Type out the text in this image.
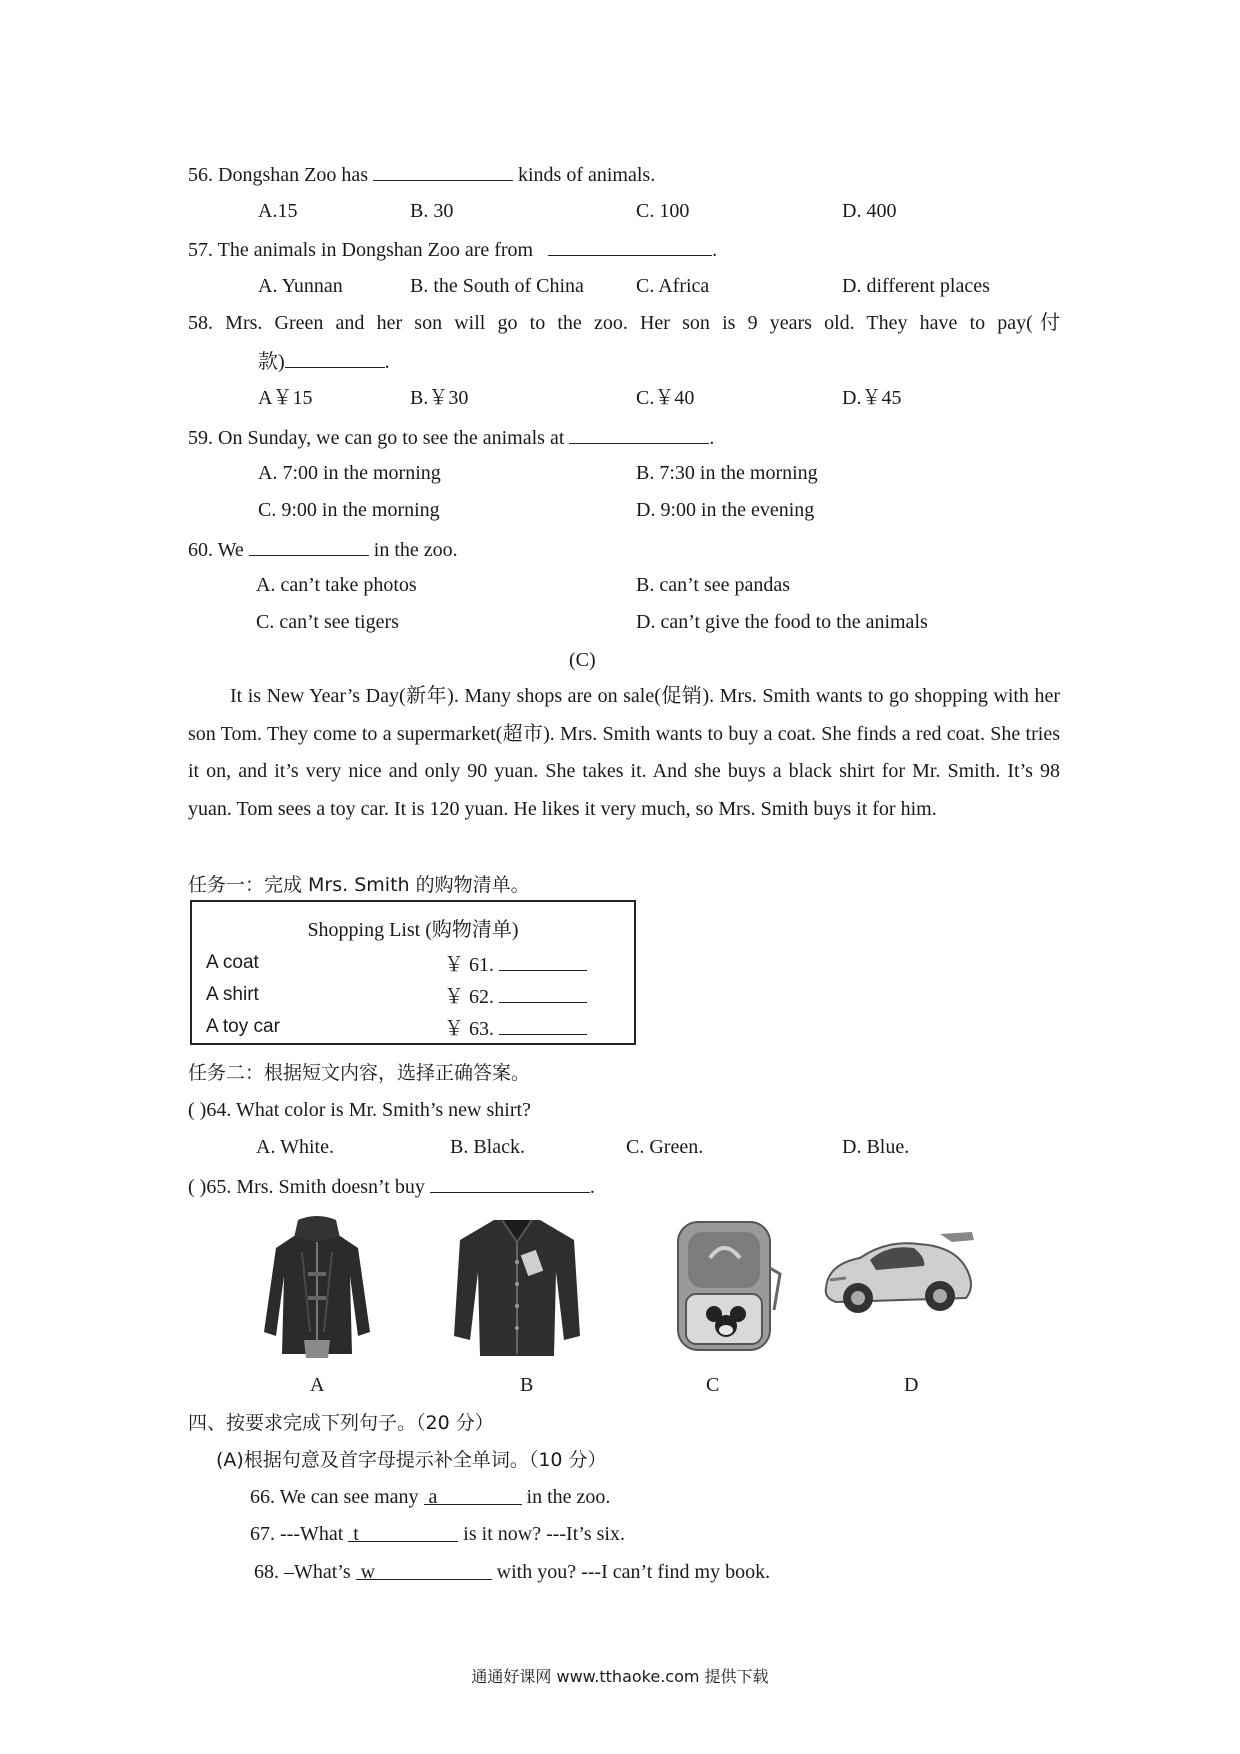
56. Dongshan Zoo has	kinds of animals.
A.15	B. 30	C. 100	D. 400
57. The animals in Dongshan Zoo are from	.
A. Yunnan	B. the South of China	C. Africa	D. different places
58. Mrs. Green and her son will go to the zoo. Her son is 9 years old. They have to pay(付
款)	.
A￥15	B.￥30	C.￥40	D.￥45
59. On Sunday, we can go to see the animals at	.
A. 7:00 in the morning	B. 7:30 in the morning
C. 9:00 in the morning	D. 9:00 in the evening
60. We	in the zoo.
A. can’t take photos	B. can’t see pandas
C. can’t see tigers	D. can’t give the food to the animals
(C)
It is New Year’s Day(新年). Many shops are on sale(促销). Mrs. Smith wants to go shopping with her son Tom. They come to a supermarket(超市). Mrs. Smith wants to buy a coat. She finds a red coat. She tries it on, and it’s very nice and only 90 yuan. She takes it. And she buys a black shirt for Mr. Smith. It’s 98 yuan. Tom sees a toy car. It is 120 yuan. He likes it very much, so Mrs. Smith buys it for him.
任务一：完成 Mrs. Smith 的购物清单。
Shopping List (购物清单)
A coat	￥ 61.
A shirt	￥ 62.
A toy car	￥ 63.
任务二：根据短文内容，选择正确答案。
( )64. What color is Mr. Smith’s new shirt?
A. White.	B. Black.	C. Green.	D. Blue.
( )65. Mrs. Smith doesn’t buy	.
A	B	C	D
四、按要求完成下列句子。（20 分）
(A)根据句意及首字母提示补全单词。（10 分）
66. We can see many a	in the zoo.
67. ---What t	is it now? ---It’s six.
68. –What’s w	with you? ---I can’t find my book.
通通好课网 www.tthaoke.com 提供下载
